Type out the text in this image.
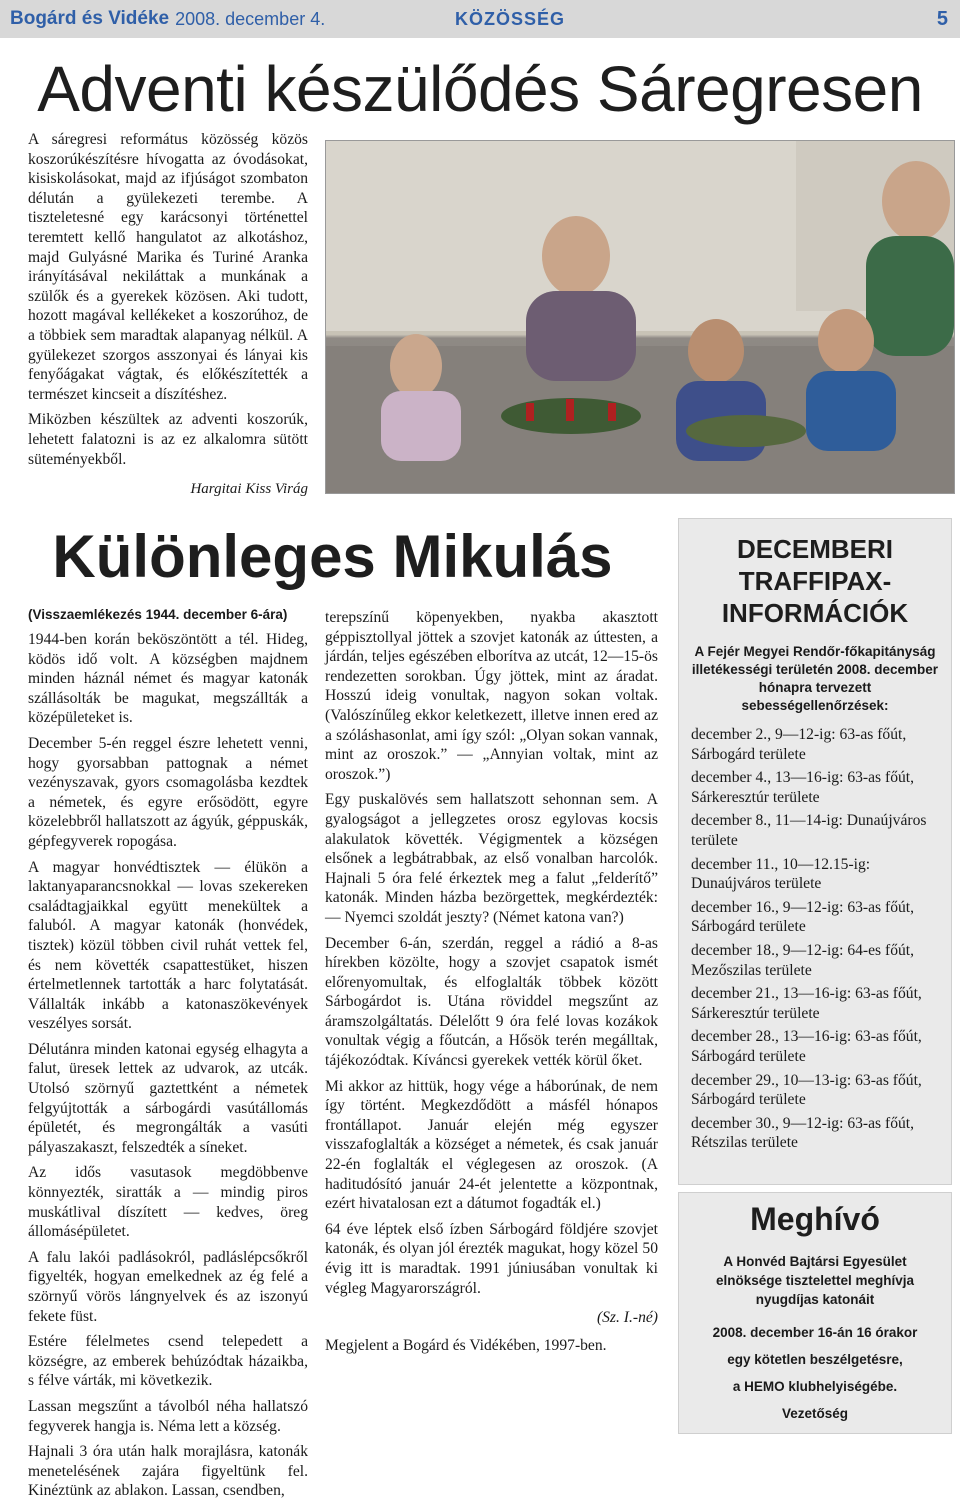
Bogárd és Vidéke 2008. december 4.	KÖZÖSSÉG	5
Adventi készülődés Sáregresen

A sáregresi református közösség közös koszorúkészítésre hívogatta az óvodásokat, kisiskolásokat, majd az ifjúságot szombaton délután a gyülekezeti terembe. A tiszteletesné egy karácsonyi történettel teremtett kellő hangulatot az alkotáshoz, majd Gulyásné Marika és Turiné Aranka irányításával nekiláttak a munkának a szülők és a gyerekek közösen. Aki tudott, hozott magával kellékeket a koszorúhoz, de a többiek sem maradtak alapanyag nélkül. A gyülekezet szorgos asszonyai és lányai kis fenyőágakat vágtak, és előkészítették a természet kincseit a díszítéshez.

Miközben készültek az adventi koszorúk, lehetett falatozni is az ez alkalomra sütött süteményekből.

Hargitai Kiss Virág
Különleges Mikulás
(Visszaemlékezés 1944. december 6-ára)

1944-ben korán beköszöntött a tél. Hideg, ködös idő volt. A községben majdnem minden háznál német és magyar katonák szállásolták be magukat, megszállták a középületeket is.

December 5-én reggel észre lehetett venni, hogy gyorsabban pattognak a német vezényszavak, gyors csomagolásba kezdtek a németek, és egyre erősödött, egyre közelebbről hallatszott az ágyúk, géppuskák, gépfegyverek ropogása.

A magyar honvédtisztek — élükön a laktanyaparancsnokkal — lovas szekereken családtagjaikkal együtt menekültek a faluból. A magyar katonák (honvédek, tisztek) közül többen civil ruhát vettek fel, és nem követték csapattestüket, hiszen értelmetlennek tartották a harc folytatását. Vállalták inkább a katonaszökevények veszélyes sorsát.

Délutánra minden katonai egység elhagyta a falut, üresek lettek az udvarok, az utcák. Utolsó szörnyű gaztettként a németek felgyújtották a sárbogárdi vasútállomás épületét, és megrongálták a vasúti pályaszakaszt, felszedték a síneket.

Az idős vasutasok megdöbbenve könnyezték, siratták a — mindig piros muskátlival díszített — kedves, öreg állomásépületet.

A falu lakói padlásokról, padláslépcsőkről figyelték, hogyan emelkednek az ég felé a szörnyű vörös lángnyelvek és az iszonyú fekete füst.

Estére félelmetes csend telepedett a községre, az emberek behúzódtak házaikba, s félve várták, mi következik.

Lassan megszűnt a távolból néha hallatszó fegyverek hangja is. Néma lett a község.

Hajnali 3 óra után halk morajlásra, katonák menetelésének zajára figyeltünk fel. Kinéztünk az ablakon. Lassan, csendben,

terepszínű köpenyekben, nyakba akasztott géppisztollyal jöttek a szovjet katonák az úttesten, a járdán, teljes egészében elborítva az utcát, 12—15-ös rendezetten sorokban. Úgy jöttek, mint az áradat. Hosszú ideig vonultak, nagyon sokan voltak. (Valószínűleg ekkor keletkezett, illetve innen ered az a szóláshasonlat, ami így szól: „Olyan sokan vannak, mint az oroszok.” — „Annyian voltak, mint az oroszok.”)

Egy puskalövés sem hallatszott sehonnan sem. A gyalogságot a jellegzetes orosz egylovas kocsis alakulatok követték. Végigmentek a községen elsőnek a legbátrabbak, az első vonalban harcolók. Hajnali 5 óra felé érkeztek meg a falut „felderítő” katonák. Minden házba bezörgettek, megkérdezték: — Nyemci szoldát jeszty? (Német katona van?)

December 6-án, szerdán, reggel a rádió a 8-as hírekben közölte, hogy a szovjet csapatok ismét előrenyomultak, és elfoglalták többek között Sárbogárdot is. Utána röviddel megszűnt az áramszolgáltatás. Délelőtt 9 óra felé lovas kozákok vonultak végig a főutcán, a Hősök terén megálltak, tájékozódtak. Kíváncsi gyerekek vették körül őket.

Mi akkor az hittük, hogy vége a háborúnak, de nem így történt. Megkezdődött a másfél hónapos frontállapot. Január elején még egyszer visszafoglalták a községet a németek, és csak január 22-én foglalták el véglegesen az oroszok. (A haditudósító január 24-ét jelentette a központnak, ezért hivatalosan ezt a dátumot fogadták el.)

64 éve léptek első ízben Sárbogárd földjére szovjet katonák, és olyan jól érezték magukat, hogy közel 50 évig itt is maradtak. 1991 júniusában vonultak ki végleg Magyarországról.

(Sz. I.-né)

Megjelent a Bogárd és Vidékében, 1997-ben.

DECEMBERI TRAFFIPAX-INFORMÁCIÓK
A Fejér Megyei Rendőr-főkapitányság illetékességi területén 2008. december hónapra tervezett sebességellenőrzések:
december 2., 9—12-ig: 63-as főút, Sárbogárd területe
december 4., 13—16-ig: 63-as főút, Sárkeresztúr területe
december 8., 11—14-ig: Dunaújváros területe
december 11., 10—12.15-ig: Dunaújváros területe
december 16., 9—12-ig: 63-as főút, Sárbogárd területe
december 18., 9—12-ig: 64-es főút, Mezőszilas területe
december 21., 13—16-ig: 63-as főút, Sárkeresztúr területe
december 28., 13—16-ig: 63-as főút, Sárbogárd területe
december 29., 10—13-ig: 63-as főút, Sárbogárd területe
december 30., 9—12-ig: 63-as főút, Rétszilas területe
Meghívó
A Honvéd Bajtársi Egyesület elnöksége tisztelettel meghívja nyugdíjas katonáit
2008. december 16-án 16 órakor
egy kötetlen beszélgetésre,
a HEMO klubhelyiségébe.
Vezetőség
